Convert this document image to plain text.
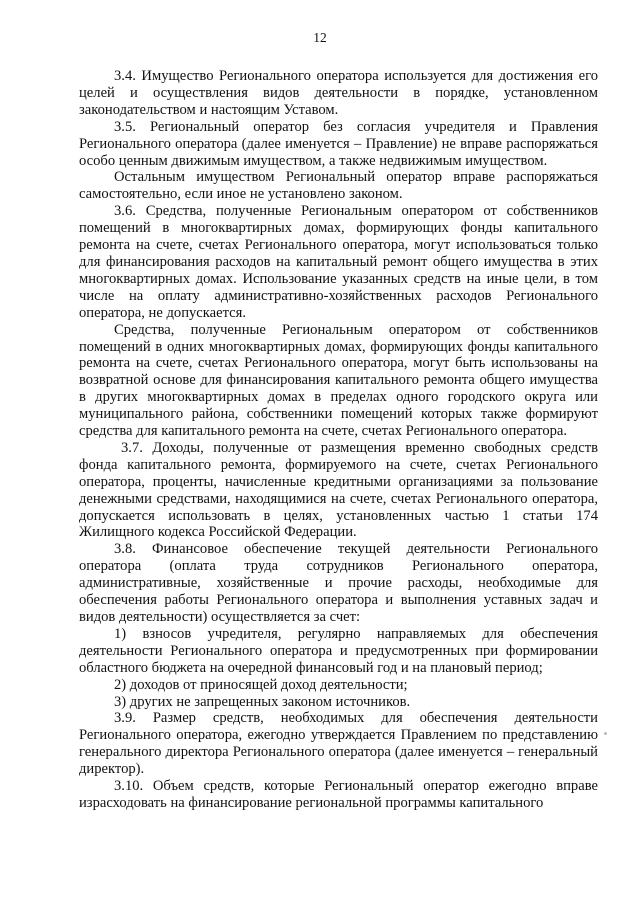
12

3.4. Имущество Регионального оператора используется для достижения его целей и осуществления видов деятельности в порядке, установленном законодательством и настоящим Уставом.

3.5. Региональный оператор без согласия учредителя и Правления Регионального оператора (далее именуется – Правление) не вправе распоряжаться особо ценным движимым имуществом, а также недвижимым имуществом.

Остальным имуществом Региональный оператор вправе распоряжаться самостоятельно, если иное не установлено законом.

3.6. Средства, полученные Региональным оператором от собственников помещений в многоквартирных домах, формирующих фонды капитального ремонта на счете, счетах Регионального оператора, могут использоваться только для финансирования расходов на капитальный ремонт общего имущества в этих многоквартирных домах. Использование указанных средств на иные цели, в том числе на оплату административно-хозяйственных расходов Регионального оператора, не допускается.

Средства, полученные Региональным оператором от собственников помещений в одних многоквартирных домах, формирующих фонды капитального ремонта на счете, счетах Регионального оператора, могут быть использованы на возвратной основе для финансирования капитального ремонта общего имущества в других многоквартирных домах в пределах одного городского округа или муниципального района, собственники помещений которых также формируют средства для капитального ремонта на счете, счетах Регионального оператора.

3.7. Доходы, полученные от размещения временно свободных средств фонда капитального ремонта, формируемого на счете, счетах Регионального оператора, проценты, начисленные кредитными организациями за пользование денежными средствами, находящимися на счете, счетах Регионального оператора, допускается использовать в целях, установленных частью 1 статьи 174 Жилищного кодекса Российской Федерации.

3.8. Финансовое обеспечение текущей деятельности Регионального оператора (оплата труда сотрудников Регионального оператора, административные, хозяйственные и прочие расходы, необходимые для обеспечения работы Регионального оператора и выполнения уставных задач и видов деятельности) осуществляется за счет:

1) взносов учредителя, регулярно направляемых для обеспечения деятельности Регионального оператора и предусмотренных при формировании областного бюджета на очередной финансовый год и на плановый период;

2) доходов от приносящей доход деятельности;

3) других не запрещенных законом источников.

3.9. Размер средств, необходимых для обеспечения деятельности Регионального оператора, ежегодно утверждается Правлением по представлению генерального директора Регионального оператора (далее именуется – генеральный директор).

3.10. Объем средств, которые Региональный оператор ежегодно вправе израсходовать на финансирование региональной программы капитального
